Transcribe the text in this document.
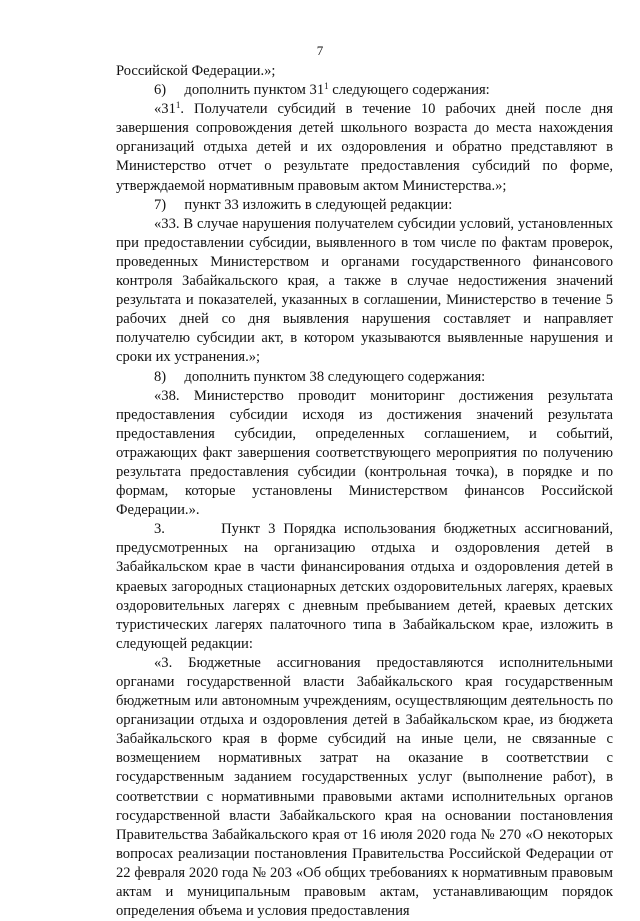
7

Российской Федерации.»;

6)     дополнить пунктом $31^1$ следующего содержания:

«$31^1$. Получатели субсидий в течение 10 рабочих дней после дня завершения сопровождения детей школьного возраста до места нахождения организаций отдыха детей и их оздоровления и обратно представляют в Министерство отчет о результате предоставления субсидий по форме, утверждаемой нормативным правовым актом Министерства.»;

7)     пункт 33 изложить в следующей редакции:

«33. В случае нарушения получателем субсидии условий, установленных при предоставлении субсидии, выявленного в том числе по фактам проверок, проведенных Министерством и органами государственного финансового контроля Забайкальского края, а также в случае недостижения значений результата и показателей, указанных в соглашении, Министерство в течение 5 рабочих дней со дня выявления нарушения составляет и направляет получателю субсидии акт, в котором указываются выявленные нарушения и сроки их устранения.»;

8)     дополнить пунктом 38 следующего содержания:

«38. Министерство проводит мониторинг достижения результата предоставления субсидии исходя из достижения значений результата предоставления субсидии, определенных соглашением, и событий, отражающих факт завершения соответствующего мероприятия по получению результата предоставления субсидии (контрольная точка), в порядке и по формам, которые установлены Министерством финансов Российской Федерации.».

3.       Пункт 3 Порядка использования бюджетных ассигнований, предусмотренных на организацию отдыха и оздоровления детей в Забайкальском крае в части финансирования отдыха и оздоровления детей в краевых загородных стационарных детских оздоровительных лагерях, краевых оздоровительных лагерях с дневным пребыванием детей, краевых детских туристических лагерях палаточного типа в Забайкальском крае, изложить в следующей редакции:

«3. Бюджетные ассигнования предоставляются исполнительными органами государственной власти Забайкальского края государственным бюджетным или автономным учреждениям, осуществляющим деятельность по организации отдыха и оздоровления детей в Забайкальском крае, из бюджета Забайкальского края в форме субсидий на иные цели, не связанные с возмещением нормативных затрат на оказание в соответствии с государственным заданием государственных услуг (выполнение работ), в соответствии с нормативными правовыми актами исполнительных органов государственной власти Забайкальского края на основании постановления Правительства Забайкальского края от 16 июля 2020 года № 270 «О некоторых вопросах реализации постановления Правительства Российской Федерации от 22 февраля 2020 года № 203 «Об общих требованиях к нормативным правовым актам и муниципальным правовым актам, устанавливающим порядок определения объема и условия предоставления
